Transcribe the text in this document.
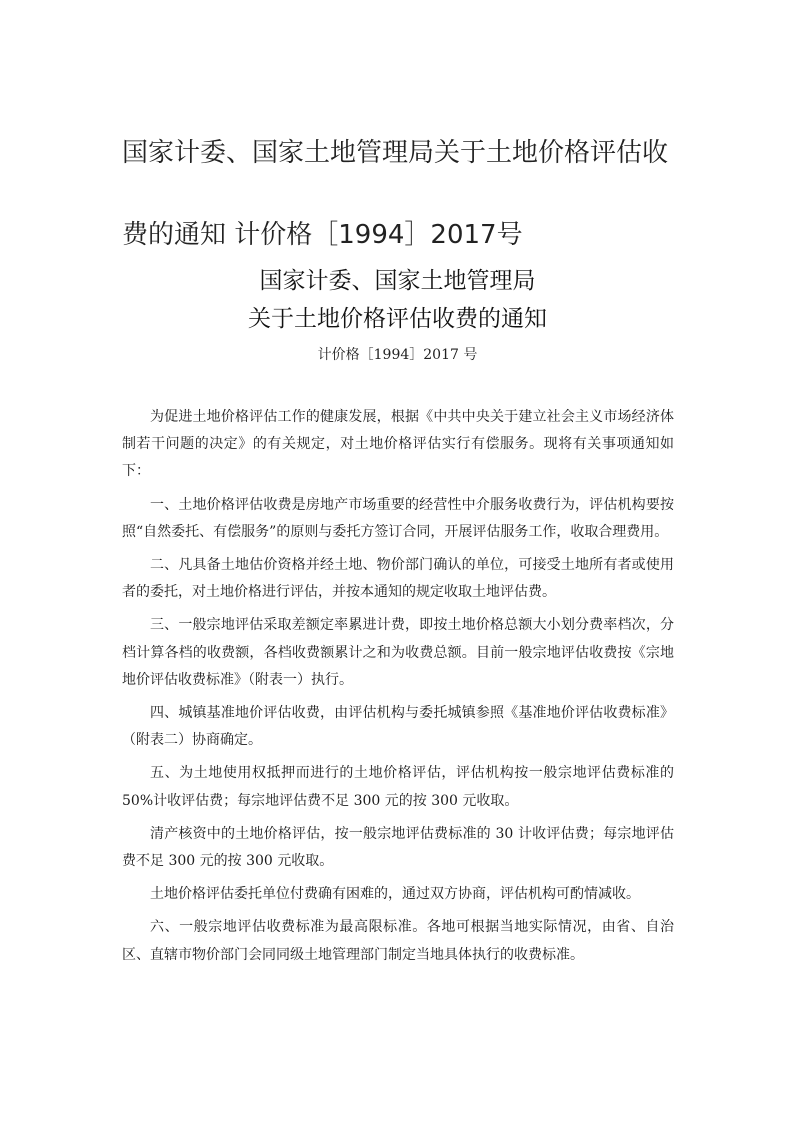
国家计委、国家土地管理局关于土地价格评估收
费的通知 计价格［1994］2017号
国家计委、国家土地管理局
关于土地价格评估收费的通知
计价格［1994］2017 号

为促进土地价格评估工作的健康发展，根据《中共中央关于建立社会主义市场经济体制若干问题的决定》的有关规定，对土地价格评估实行有偿服务。现将有关事项通知如下：

一、土地价格评估收费是房地产市场重要的经营性中介服务收费行为，评估机构要按照“自然委托、有偿服务”的原则与委托方签订合同，开展评估服务工作，收取合理费用。

二、凡具备土地估价资格并经土地、物价部门确认的单位，可接受土地所有者或使用者的委托，对土地价格进行评估，并按本通知的规定收取土地评估费。

三、一般宗地评估采取差额定率累进计费，即按土地价格总额大小划分费率档次，分档计算各档的收费额，各档收费额累计之和为收费总额。目前一般宗地评估收费按《宗地地价评估收费标准》（附表一）执行。

四、城镇基准地价评估收费，由评估机构与委托城镇参照《基准地价评估收费标准》（附表二）协商确定。

五、为土地使用权抵押而进行的土地价格评估，评估机构按一般宗地评估费标准的 50%计收评估费；每宗地评估费不足 300 元的按 300 元收取。

清产核资中的土地价格评估，按一般宗地评估费标准的 30 计收评估费；每宗地评估费不足 300 元的按 300 元收取。

土地价格评估委托单位付费确有困难的，通过双方协商，评估机构可酌情减收。

六、一般宗地评估收费标准为最高限标准。各地可根据当地实际情况，由省、自治区、直辖市物价部门会同同级土地管理部门制定当地具体执行的收费标准。
